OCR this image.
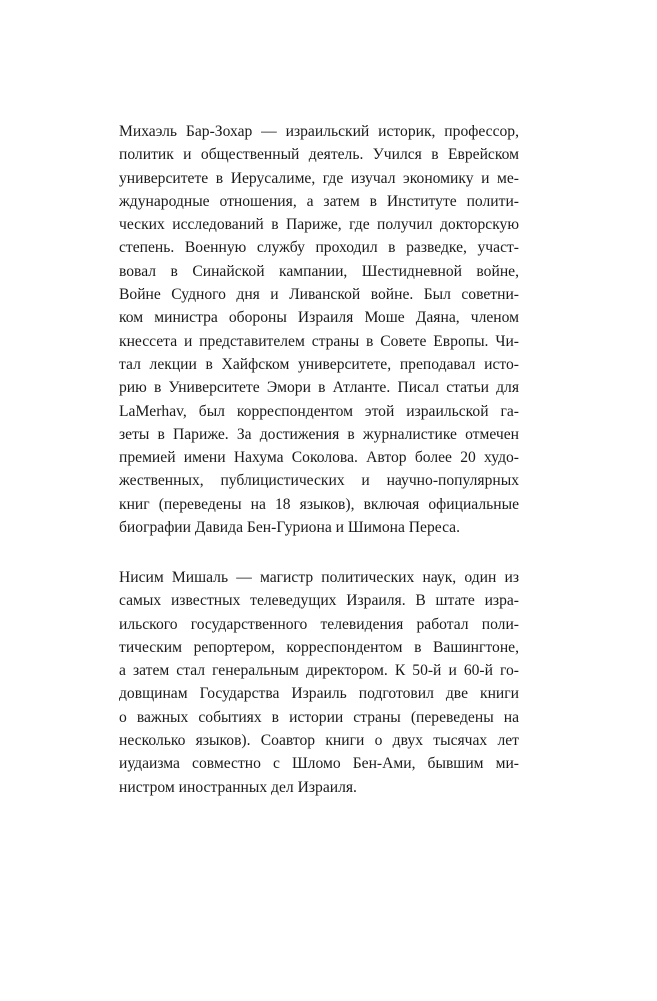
Михаэль Бар-Зохар — израильский историк, профессор,
политик и общественный деятель. Учился в Еврейском
университете в Иерусалиме, где изучал экономику и ме-
ждународные отношения, а затем в Институте полити-
ческих исследований в Париже, где получил докторскую
степень. Военную службу проходил в разведке, участ-
вовал в Синайской кампании, Шестидневной войне,
Войне Судного дня и Ливанской войне. Был советни-
ком министра обороны Израиля Моше Даяна, членом
кнессета и представителем страны в Совете Европы. Чи-
тал лекции в Хайфском университете, преподавал исто-
рию в Университете Эмори в Атланте. Писал статьи для
LaMerhav, был корреспондентом этой израильской га-
зеты в Париже. За достижения в журналистике отмечен
премией имени Нахума Соколова. Автор более 20 худо-
жественных, публицистических и научно-популярных
книг (переведены на 18 языков), включая официальные
биографии Давида Бен-Гуриона и Шимона Переса.
Нисим Мишаль — магистр политических наук, один из
самых известных телеведущих Израиля. В штате изра-
ильского государственного телевидения работал поли-
тическим репортером, корреспондентом в Вашингтоне,
а затем стал генеральным директором. К 50-й и 60-й го-
довщинам Государства Израиль подготовил две книги
о важных событиях в истории страны (переведены на
несколько языков). Соавтор книги о двух тысячах лет
иудаизма совместно с Шломо Бен-Ами, бывшим ми-
нистром иностранных дел Израиля.
